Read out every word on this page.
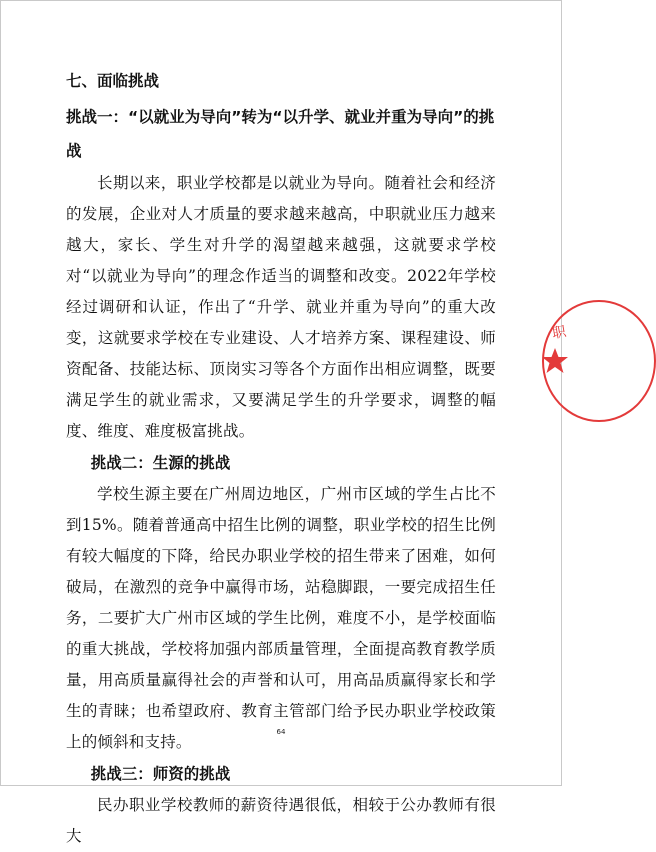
七、面临挑战

挑战一：“以就业为导向”转为“以升学、就业并重为导向”的挑战

长期以来，职业学校都是以就业为导向。随着社会和经济的发展，企业对人才质量的要求越来越高，中职就业压力越来越大，家长、学生对升学的渴望越来越强，这就要求学校对“以就业为导向”的理念作适当的调整和改变。2022年学校经过调研和认证，作出了“升学、就业并重为导向”的重大改变，这就要求学校在专业建设、人才培养方案、课程建设、师资配备、技能达标、顶岗实习等各个方面作出相应调整，既要满足学生的就业需求，又要满足学生的升学要求，调整的幅度、维度、难度极富挑战。

挑战二：生源的挑战

学校生源主要在广州周边地区，广州市区域的学生占比不到15%。随着普通高中招生比例的调整，职业学校的招生比例有较大幅度的下降，给民办职业学校的招生带来了困难，如何破局，在激烈的竞争中赢得市场，站稳脚跟，一要完成招生任务，二要扩大广州市区域的学生比例，难度不小，是学校面临的重大挑战，学校将加强内部质量管理，全面提高教育教学质量，用高质量赢得社会的声誉和认可，用高品质赢得家长和学生的青睐；也希望政府、教育主管部门给予民办职业学校政策上的倾斜和支持。

挑战三：师资的挑战

民办职业学校教师的薪资待遇很低，相较于公办教师有很大

职
64
